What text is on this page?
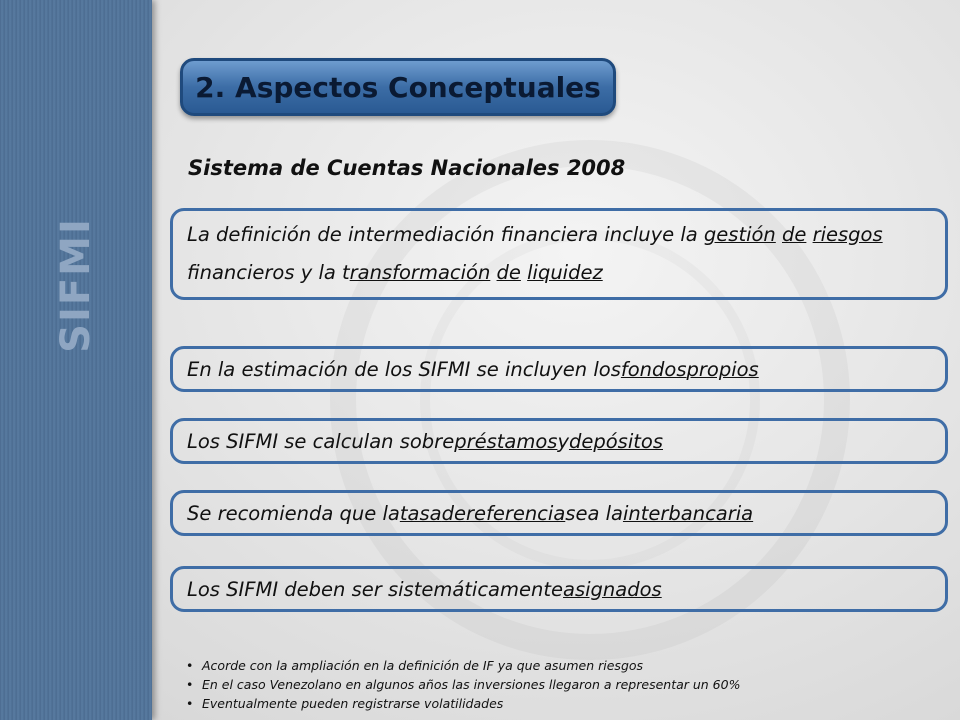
SIFMI
2. Aspectos Conceptuales
Sistema de Cuentas Nacionales 2008
La definición de intermediación financiera incluye la gestión de riesgos financieros y la transformación de liquidez
En la estimación de los SIFMI se incluyen los fondos propios
Los SIFMI se calculan sobre préstamos y depósitos
Se recomienda que la tasa de referencia sea la interbancaria
Los SIFMI deben ser sistemáticamente asignados
• Acorde con la ampliación en la definición de IF ya que asumen riesgos
• En el caso Venezolano en algunos años las inversiones llegaron a representar un 60%
• Eventualmente pueden registrarse volatilidades
